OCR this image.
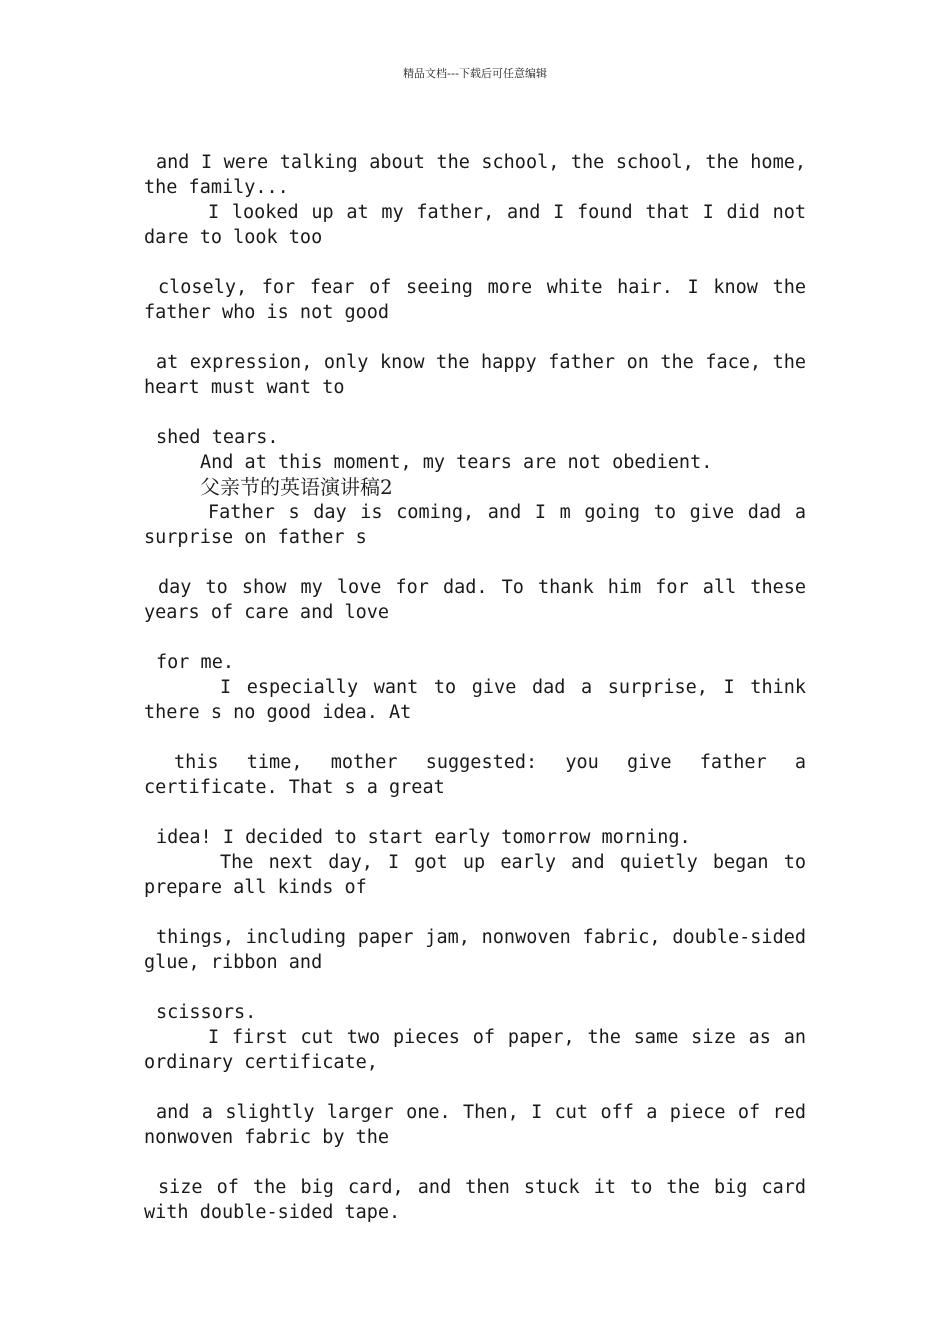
精品文档---下载后可任意编辑

and I were talking about the school, the school, the home, the family...

I looked up at my father, and I found that I did not dare to look too

closely, for fear of seeing more white hair. I know the father who is not good

at expression, only know the happy father on the face, the heart must want to

shed tears.

And at this moment, my tears are not obedient.

父亲节的英语演讲稿2

Father s day is coming, and I m going to give dad a surprise on father s

day to show my love for dad. To thank him for all these years of care and love

for me.

I especially want to give dad a surprise, I think there s no good idea. At

this time, mother suggested: you give father a certificate. That s a great

idea! I decided to start early tomorrow morning.

The next day, I got up early and quietly began to prepare all kinds of

things, including paper jam, nonwoven fabric, double-sided glue, ribbon and

scissors.

I first cut two pieces of paper, the same size as an ordinary certificate,

and a slightly larger one. Then, I cut off a piece of red nonwoven fabric by the

size of the big card, and then stuck it to the big card with double-sided tape.
